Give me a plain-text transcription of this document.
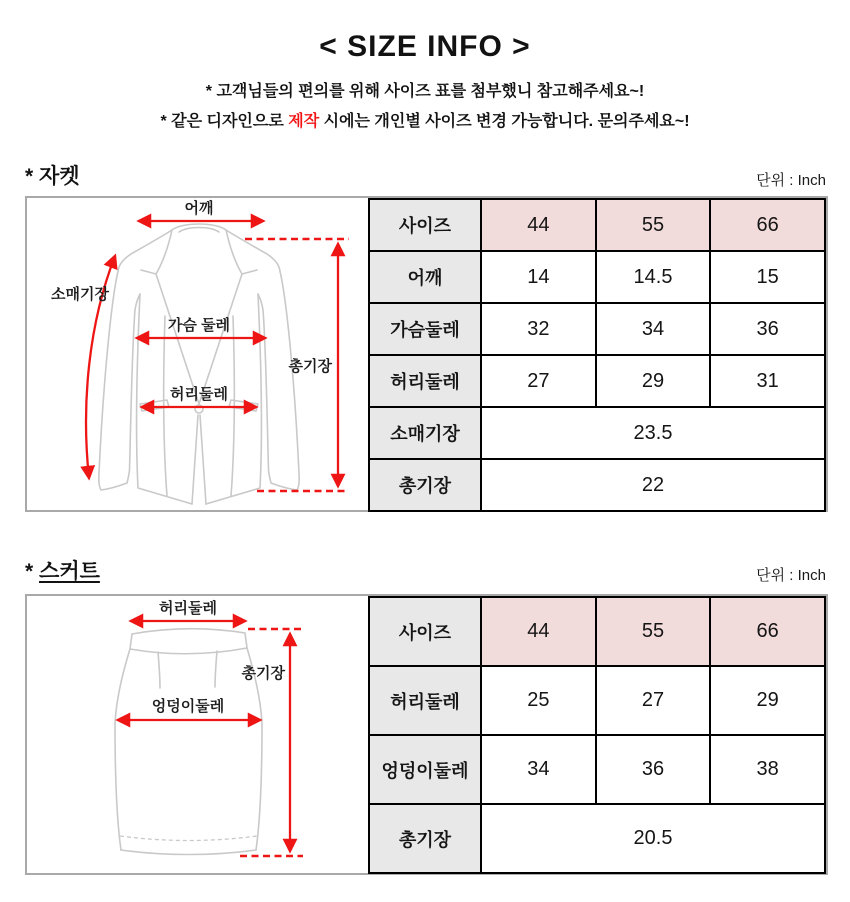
< SIZE INFO >
* 고객님들의 편의를 위해 사이즈 표를 첨부했니 참고해주세요~!
* 같은 디자인으로 제작 시에는 개인별 사이즈 변경 가능합니다. 문의주세요~!
* 자켓	단위 : Inch
어깨
소매기장
가슴 둘레
허리둘레
총기장
사이즈	44	55	66
어깨	14	14.5	15
가슴둘레	32	34	36
허리둘레	27	29	31
소매기장	23.5		
총기장	22		
* 스커트	단위 : Inch
허리둘레
총기장
엉덩이둘레
사이즈	44	55	66
허리둘레	25	27	29
엉덩이둘레	34	36	38
총기장	20.5		
